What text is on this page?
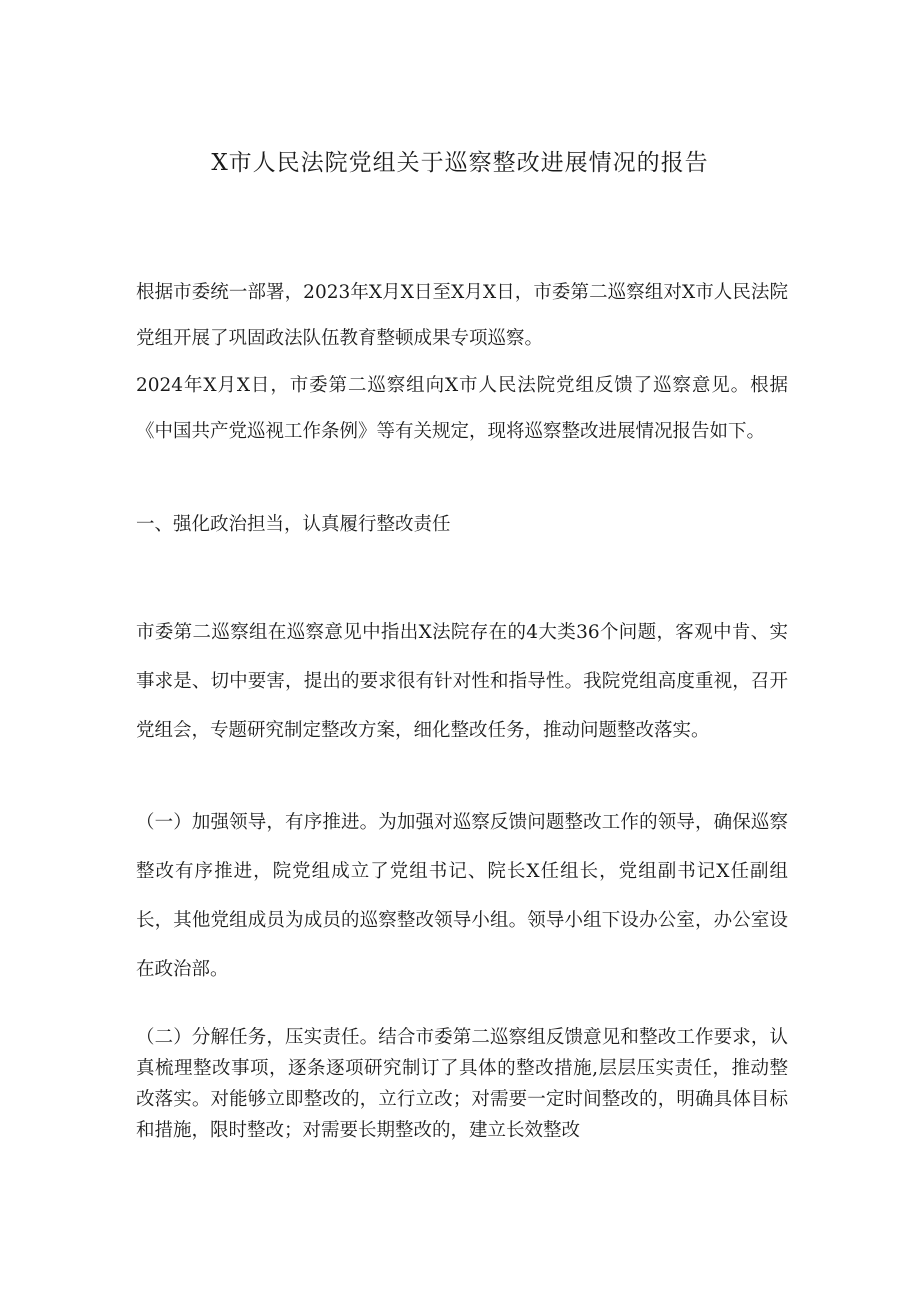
X市人民法院党组关于巡察整改进展情况的报告
根据市委统一部署，2023年X月X日至X月X日，市委第二巡察组对X市人民法院党组开展了巩固政法队伍教育整顿成果专项巡察。
2024年X月X日，市委第二巡察组向X市人民法院党组反馈了巡察意见。根据《中国共产党巡视工作条例》等有关规定，现将巡察整改进展情况报告如下。
一、强化政治担当，认真履行整改责任
市委第二巡察组在巡察意见中指出X法院存在的4大类36个问题，客观中肯、实事求是、切中要害，提出的要求很有针对性和指导性。我院党组高度重视，召开党组会，专题研究制定整改方案，细化整改任务，推动问题整改落实。
（一）加强领导，有序推进。为加强对巡察反馈问题整改工作的领导，确保巡察整改有序推进，院党组成立了党组书记、院长X任组长，党组副书记X任副组长，其他党组成员为成员的巡察整改领导小组。领导小组下设办公室，办公室设在政治部。
（二）分解任务，压实责任。结合市委第二巡察组反馈意见和整改工作要求，认真梳理整改事项，逐条逐项研究制订了具体的整改措施,层层压实责任，推动整改落实。对能够立即整改的，立行立改；对需要一定时间整改的，明确具体目标和措施，限时整改；对需要长期整改的，建立长效整改
